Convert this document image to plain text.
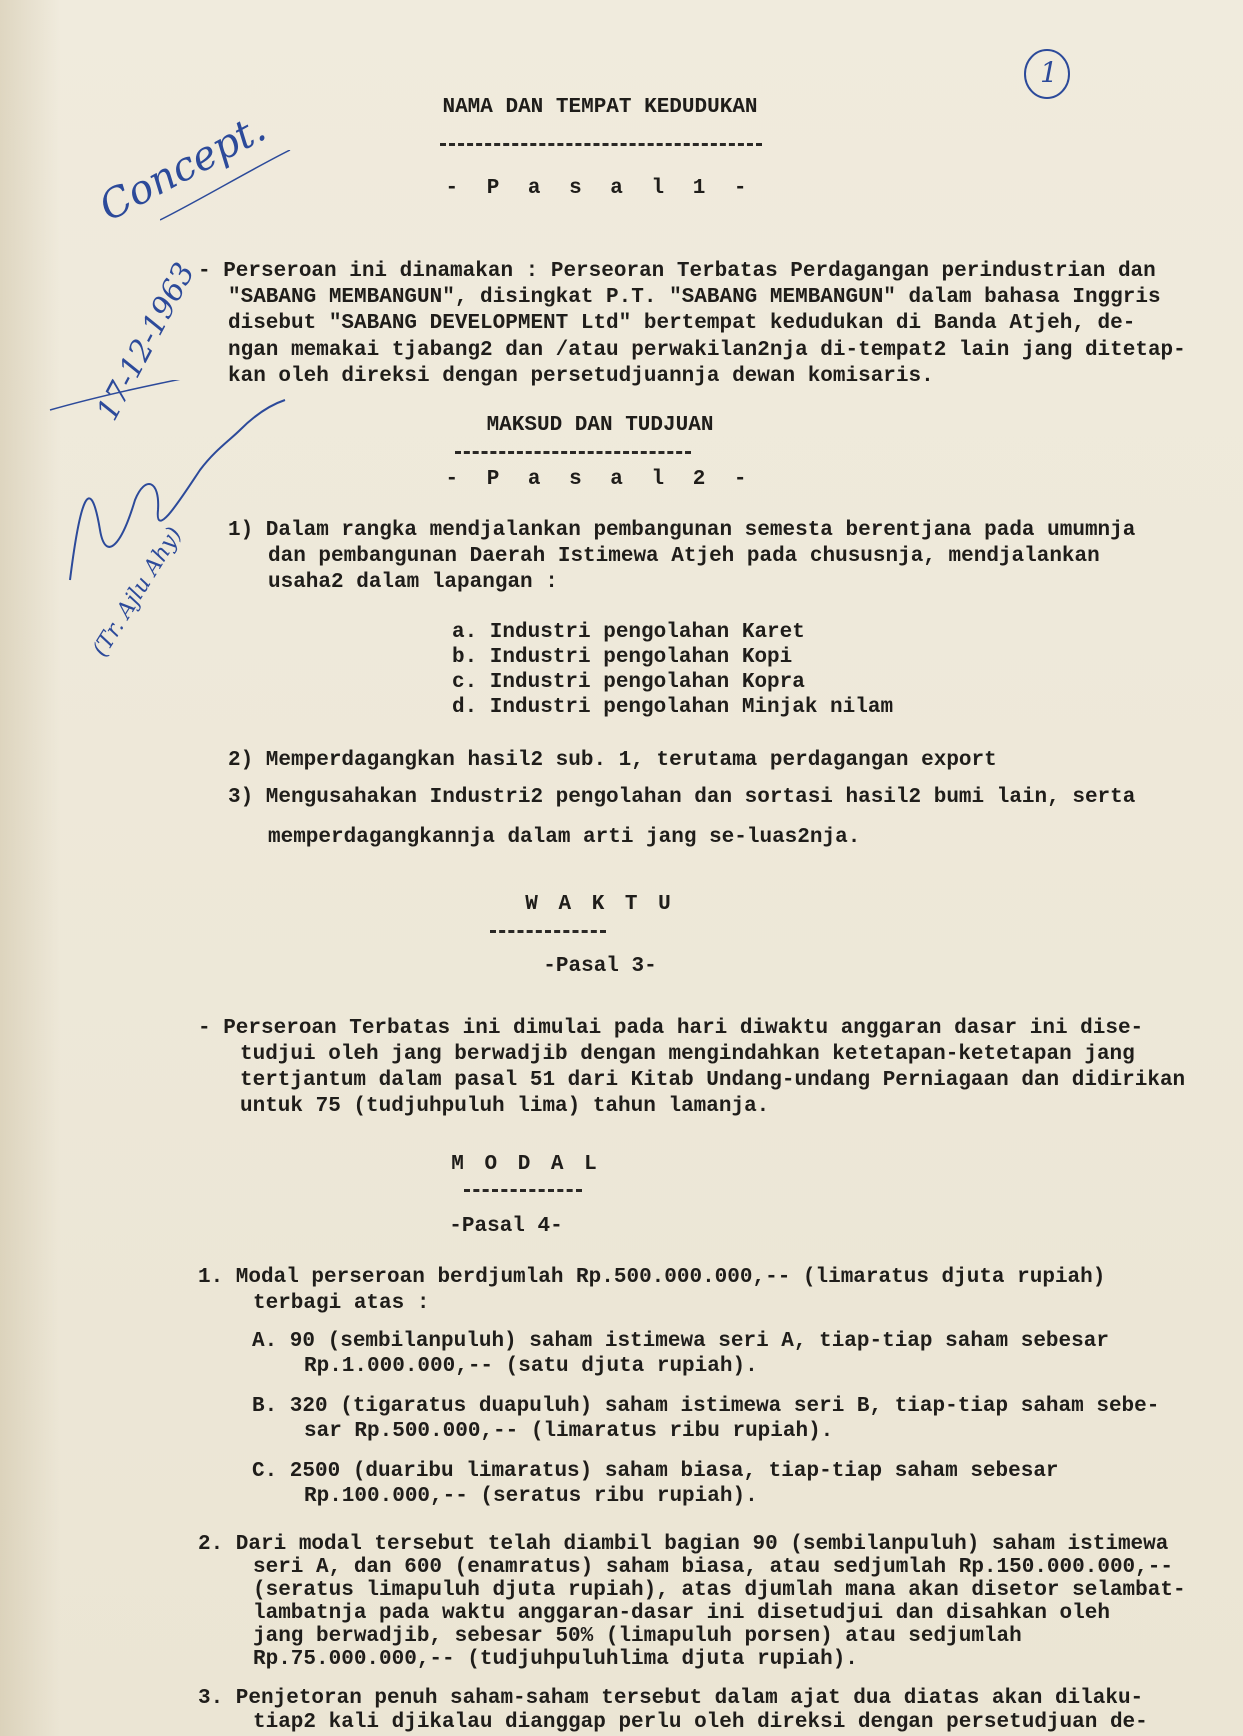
1
Concept.
17-12-1963
(Tr. Ajlu Ahy)
NAMA DAN TEMPAT KEDUDUKAN
- P a s a l 1 -
- Perseroan ini dinamakan : Perseoran Terbatas Perdagangan perindustrian dan
"SABANG MEMBANGUN", disingkat P.T. "SABANG MEMBANGUN" dalam bahasa Inggris
disebut "SABANG DEVELOPMENT Ltd" bertempat kedudukan di Banda Atjeh, de-
ngan memakai tjabang2 dan /atau perwakilan2nja di-tempat2 lain jang ditetap-
kan oleh direksi dengan persetudjuannja dewan komisaris.
MAKSUD DAN TUDJUAN
- P a s a l 2 -
1) Dalam rangka mendjalankan pembangunan semesta berentjana pada umumnja
dan pembangunan Daerah Istimewa Atjeh pada chususnja, mendjalankan
usaha2 dalam lapangan :
a. Industri pengolahan Karet
b. Industri pengolahan Kopi
c. Industri pengolahan Kopra
d. Industri pengolahan Minjak nilam
2) Memperdagangkan hasil2 sub. 1, terutama perdagangan export
3) Mengusahakan Industri2 pengolahan dan sortasi hasil2 bumi lain, serta
memperdagangkannja dalam arti jang se-luas2nja.
W A K T U
-Pasal 3-
- Perseroan Terbatas ini dimulai pada hari diwaktu anggaran dasar ini dise-
tudjui oleh jang berwadjib dengan mengindahkan ketetapan-ketetapan jang
tertjantum dalam pasal 51 dari Kitab Undang-undang Perniagaan dan didirikan
untuk 75 (tudjuhpuluh lima) tahun lamanja.
M O D A L
-Pasal 4-
1. Modal perseroan berdjumlah Rp.500.000.000,-- (limaratus djuta rupiah)
terbagi atas :
A. 90 (sembilanpuluh) saham istimewa seri A, tiap-tiap saham sebesar
Rp.1.000.000,-- (satu djuta rupiah).
B. 320 (tigaratus duapuluh) saham istimewa seri B, tiap-tiap saham sebe-
sar Rp.500.000,-- (limaratus ribu rupiah).
C. 2500 (duaribu limaratus) saham biasa, tiap-tiap saham sebesar
Rp.100.000,-- (seratus ribu rupiah).
2. Dari modal tersebut telah diambil bagian 90 (sembilanpuluh) saham istimewa
seri A, dan 600 (enamratus) saham biasa, atau sedjumlah Rp.150.000.000,--
(seratus limapuluh djuta rupiah), atas djumlah mana akan disetor selambat-
lambatnja pada waktu anggaran-dasar ini disetudjui dan disahkan oleh
jang berwadjib, sebesar 50% (limapuluh porsen) atau sedjumlah
Rp.75.000.000,-- (tudjuhpuluhlima djuta rupiah).
3. Penjetoran penuh saham-saham tersebut dalam ajat dua diatas akan dilaku-
tiap2 kali djikalau dianggap perlu oleh direksi dengan persetudjuan de-
